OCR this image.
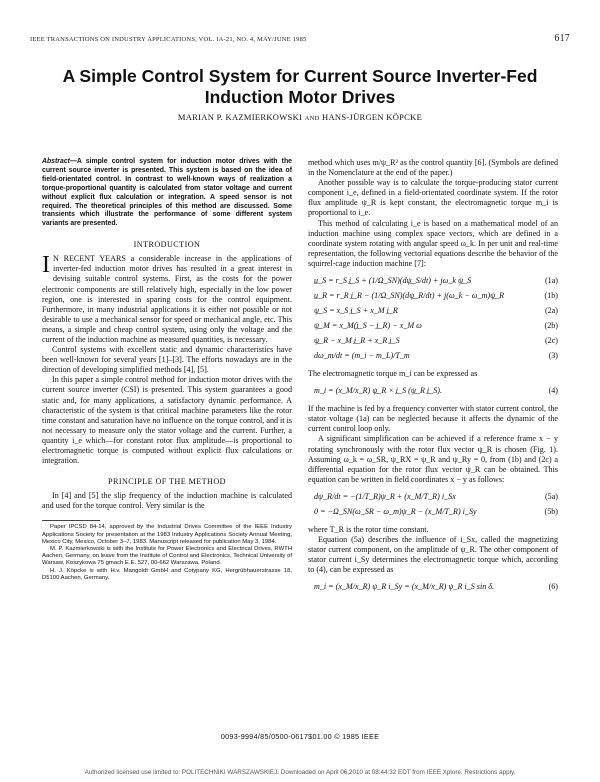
IEEE TRANSACTIONS ON INDUSTRY APPLICATIONS, VOL. IA-21, NO. 4, MAY/JUNE 1985	617
A Simple Control System for Current Source Inverter-Fed Induction Motor Drives
MARIAN P. KAZMIERKOWSKI AND HANS-JÜRGEN KÖPCKE

Abstract—A simple control system for induction motor drives with the current source inverter is presented. This system is based on the idea of field-orientated control. In contrast to well-known ways of realization a torque-proportional quantity is calculated from stator voltage and current without explicit flux calculation or integration. A speed sensor is not required. The theoretical principles of this method are discussed. Some transients which illustrate the performance of some different system variants are presented.

INTRODUCTION

I N RECENT YEARS a considerable increase in the applications of inverter-fed induction motor drives has resulted in a great interest in devising suitable control systems. First, as the costs for the power electronic components are still relatively high, especially in the low power region, one is interested in sparing costs for the control equipment. Furthermore, in many industrial applications it is either not possible or not desirable to use a mechanical sensor for speed or mechanical angle, etc. This means, a simple and cheap control system, using only the voltage and the current of the induction machine as measured quantities, is necessary.

Control systems with excellent static and dynamic characteristics have been well-known for several years [1]–[3]. The efforts nowadays are in the direction of developing simplified methods [4], [5].

In this paper a simple control method for induction motor drives with the current source inverter (CSI) is presented. This system guarantees a good static and, for many applications, a satisfactory dynamic performance. A characteristic of the system is that critical machine parameters like the rotor time constant and saturation have no influence on the torque control, and it is not necessary to measure only the stator voltage and the current. Further, a quantity i_e which—for constant rotor flux amplitude—is proportional to electromagnetic torque is computed without explicit flux calculations or integration.

PRINCIPLE OF THE METHOD

In [4] and [5] the slip frequency of the induction machine is calculated and used for the torque control. Very similar is the

Paper IPCSD 84-14, approved by the Industrial Drives Committee of the IEEE Industry Applications Society for presentation at the 1983 Industry Applications Society Annual Meeting, Mexico City, Mexico, October 3–7, 1983. Manuscript released for publication May 3, 1984.

M. P. Kazmierkowski is with the Institute for Power Electronics and Electrical Drives, RWTH Aachen, Germany, on leave from the Institute of Control and Electronics, Technical University of Warsaw, Koszykowa 75 gmach E.E. 527, 00-662 Warszawa, Poland.

H. J. Köpcke is with H.v. Mangoldt GmbH and Cotypany KG, Hergrübhauerstrasse 18, D5100 Aachen, Germany.

method which uses m/ψ_R² as the control quantity [6]. (Symbols are defined in the Nomenclature at the end of the paper.)

Another possible way is to calculate the torque-producing stator current component i_e, defined in a field-orientated coordinate system. If the rotor flux amplitude ψ_R is kept constant, the electromagnetic torque m_i is proportional to i_e.

This method of calculating i_e is based on a mathematical model of an induction machine using complex space vectors, which are defined in a coordinate system rotating with angular speed ω_k. In per unit and real-time representation, the following vectorial equations describe the behavior of the squirrel-cage induction machine [7]:

u̲_S = r_S i̲_S + (1/Ω_SN)(dψ̲_S/dt) + jω_k ψ̲_S	(1a)
u̲_R = r_R i̲_R − (1/Ω_SN)(dψ̲_R/dt) + j(ω_k − ω_m)ψ̲_R	(1b)
ψ̲_S = x_S i̲_S + x_M i̲_R	(2a)
ψ̲_M = x_M(i̲_S − i̲_R) − x_M ω	(2b)
ψ̲_R − x_M i̲_R + x_R i̲_S	(2c)
dω_m/dt = (m_i − m_L)/T_m	(3)

The electromagnetic torque m_i can be expressed as

m_i = (x_M/x_R) ψ̲_R × i̲_S (ψ̲_R i̲_S).	(4)

If the machine is fed by a frequency converter with stator current control, the stator voltage (1a) can be neglected because it affects the dynamic of the current control loop only.

A significant simplification can be achieved if a reference frame x − y rotating synchronously with the rotor flux vector ψ̲_R is chosen (Fig. 1). Assuming ω_k = ω_SR, ψ_RX = ψ_R and ψ_Ry = 0, from (1b) and (2c) a differential equation for the rotor flux vector ψ_R can be obtained. This equation can be written in field coordinates x − y as follows:

dψ_R/dt = −(1/T_R)ψ_R + (x_M/T_R) i_Sx	(5a)
0 = −Ω_SN(ω_SR − ω_m)ψ_R − (x_M/T_R) i_Sy	(5b)

where T_R is the rotor time constant.

Equation (5a) describes the influence of i_Sx, called the magnetizing stator current component, on the amplitude of ψ_R. The other component of stator current i_Sy determines the electromagnetic torque which, according to (4), can be expressed as

m_i = (x_M/x_R) ψ_R i_Sy = (x_M/x_R) ψ_R i_S sin δ.	(6)
0093-9994/85/0500-0617$01.00 © 1985 IEEE
Authorized licensed use limited to: POLITECHNIKI WARSZAWSKIEJ. Downloaded on April 06,2010 at 08:44:32 EDT from IEEE Xplore. Restrictions apply.
